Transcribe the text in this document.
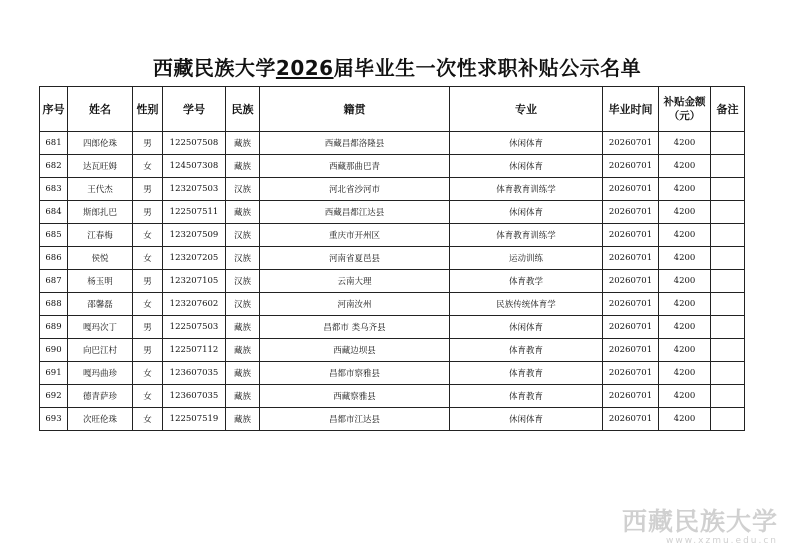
西藏民族大学2026届毕业生一次性求职补贴公示名单
序号	姓名	性别	学号	民族	籍贯	专业	毕业时间	补贴金额（元）	备注
681	四郎伦珠	男	122507508	藏族	西藏昌都洛隆县	休闲体育	20260701	4200	
682	达瓦旺姆	女	124507308	藏族	西藏那曲巴青	休闲体育	20260701	4200	
683	王代杰	男	123207503	汉族	河北省沙河市	体育教育训练学	20260701	4200	
684	斯郎扎巴	男	122507511	藏族	西藏昌都江达县	休闲体育	20260701	4200	
685	江春梅	女	123207509	汉族	重庆市开州区	体育教育训练学	20260701	4200	
686	侯悦	女	123207205	汉族	河南省夏邑县	运动训练	20260701	4200	
687	杨玉明	男	123207105	汉族	云南大理	体育教学	20260701	4200	
688	邵馨磊	女	123207602	汉族	河南汝州	民族传统体育学	20260701	4200	
689	嘎玛次丁	男	122507503	藏族	昌都市 类乌齐县	休闲体育	20260701	4200	
690	向巴江村	男	122507112	藏族	西藏边坝县	体育教育	20260701	4200	
691	嘎玛曲珍	女	123607035	藏族	昌都市察雅县	体育教育	20260701	4200	
692	德青萨珍	女	123607035	藏族	西藏察雅县	体育教育	20260701	4200	
693	次旺伦珠	女	122507519	藏族	昌都市江达县	休闲体育	20260701	4200	
西藏民族大学
www.xzmu.edu.cn
